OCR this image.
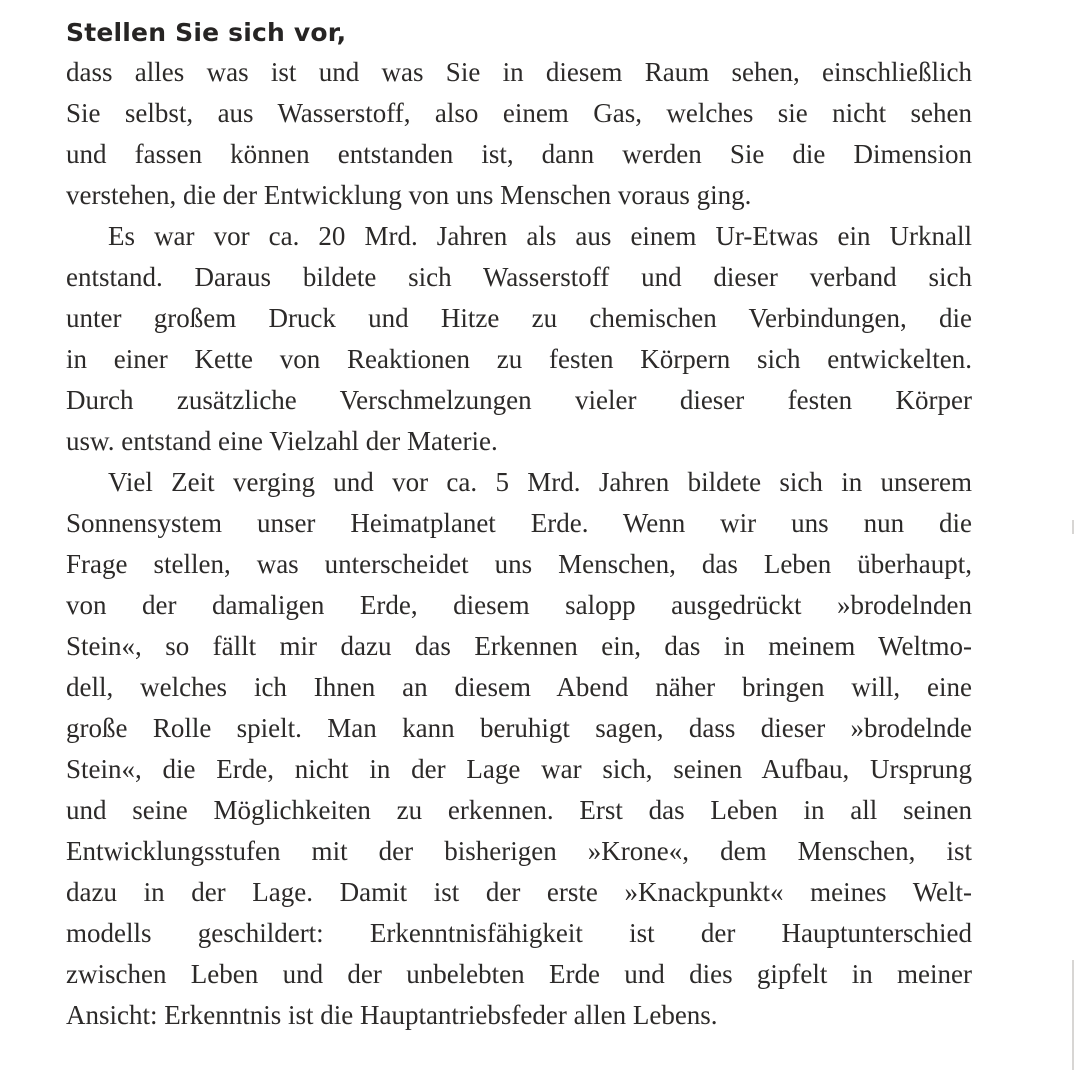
Stellen Sie sich vor,
dass alles was ist und was Sie in diesem Raum sehen, einschließlich
Sie selbst, aus Wasserstoff, also einem Gas, welches sie nicht sehen
und fassen können entstanden ist, dann werden Sie die Dimension
verstehen, die der Entwicklung von uns Menschen voraus ging.
Es war vor ca. 20 Mrd. Jahren als aus einem Ur-Etwas ein Urknall
entstand. Daraus bildete sich Wasserstoff und dieser verband sich
unter großem Druck und Hitze zu chemischen Verbindungen, die
in einer Kette von Reaktionen zu festen Körpern sich entwickelten.
Durch zusätzliche Verschmelzungen vieler dieser festen Körper
usw. entstand eine Vielzahl der Materie.
Viel Zeit verging und vor ca. 5 Mrd. Jahren bildete sich in unserem
Sonnensystem unser Heimatplanet Erde. Wenn wir uns nun die
Frage stellen, was unterscheidet uns Menschen, das Leben überhaupt,
von der damaligen Erde, diesem salopp ausgedrückt »brodelnden
Stein«, so fällt mir dazu das Erkennen ein, das in meinem Weltmo-
dell, welches ich Ihnen an diesem Abend näher bringen will, eine
große Rolle spielt. Man kann beruhigt sagen, dass dieser »brodelnde
Stein«, die Erde, nicht in der Lage war sich, seinen Aufbau, Ursprung
und seine Möglichkeiten zu erkennen. Erst das Leben in all seinen
Entwicklungsstufen mit der bisherigen »Krone«, dem Menschen, ist
dazu in der Lage. Damit ist der erste »Knackpunkt« meines Welt-
modells geschildert: Erkenntnisfähigkeit ist der Hauptunterschied
zwischen Leben und der unbelebten Erde und dies gipfelt in meiner
Ansicht: Erkenntnis ist die Hauptantriebsfeder allen Lebens.
